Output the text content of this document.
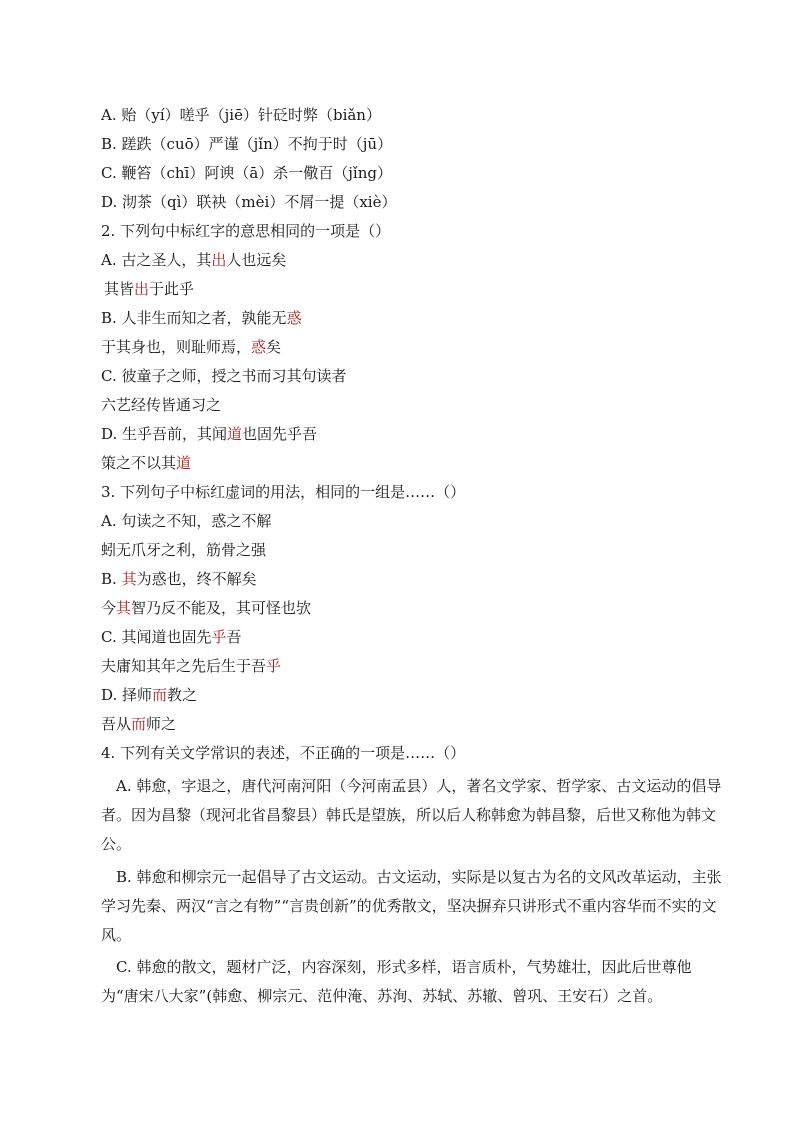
A. 贻（yí）嗟乎（jiē）针砭时弊（biǎn）
B. 蹉跌（cuō）严谨（jǐn）不拘于时（jū）
C. 鞭笞（chī）阿谀（ā）杀一儆百（jǐng）
D. 沏茶（qì）联袂（mèi）不屑一提（xiè）
2. 下列句中标红字的意思相同的一项是（）
A. 古之圣人，其出人也远矣
其皆出于此乎
B. 人非生而知之者，孰能无惑
于其身也，则耻师焉，惑矣
C. 彼童子之师，授之书而习其句读者
六艺经传皆通习之
D. 生乎吾前，其闻道也固先乎吾
策之不以其道
3. 下列句子中标红虚词的用法，相同的一组是……（）
A. 句读之不知，惑之不解
蚓无爪牙之利，筋骨之强
B. 其为惑也，终不解矣
今其智乃反不能及，其可怪也欤
C. 其闻道也固先乎吾
夫庸知其年之先后生于吾乎
D. 择师而教之
吾从而师之
4. 下列有关文学常识的表述，不正确的一项是……（）
A. 韩愈，字退之，唐代河南河阳（今河南孟县）人，著名文学家、哲学家、古文运动的倡导者。因为昌黎（现河北省昌黎县）韩氏是望族，所以后人称韩愈为韩昌黎，后世又称他为韩文公。
B. 韩愈和柳宗元一起倡导了古文运动。古文运动，实际是以复古为名的文风改革运动，主张学习先秦、两汉“言之有物”“言贵创新”的优秀散文，坚决摒弃只讲形式不重内容华而不实的文风。
C. 韩愈的散文，题材广泛，内容深刻，形式多样，语言质朴，气势雄壮，因此后世尊他为“唐宋八大家”(韩愈、柳宗元、范仲淹、苏洵、苏轼、苏辙、曾巩、王安石）之首。
